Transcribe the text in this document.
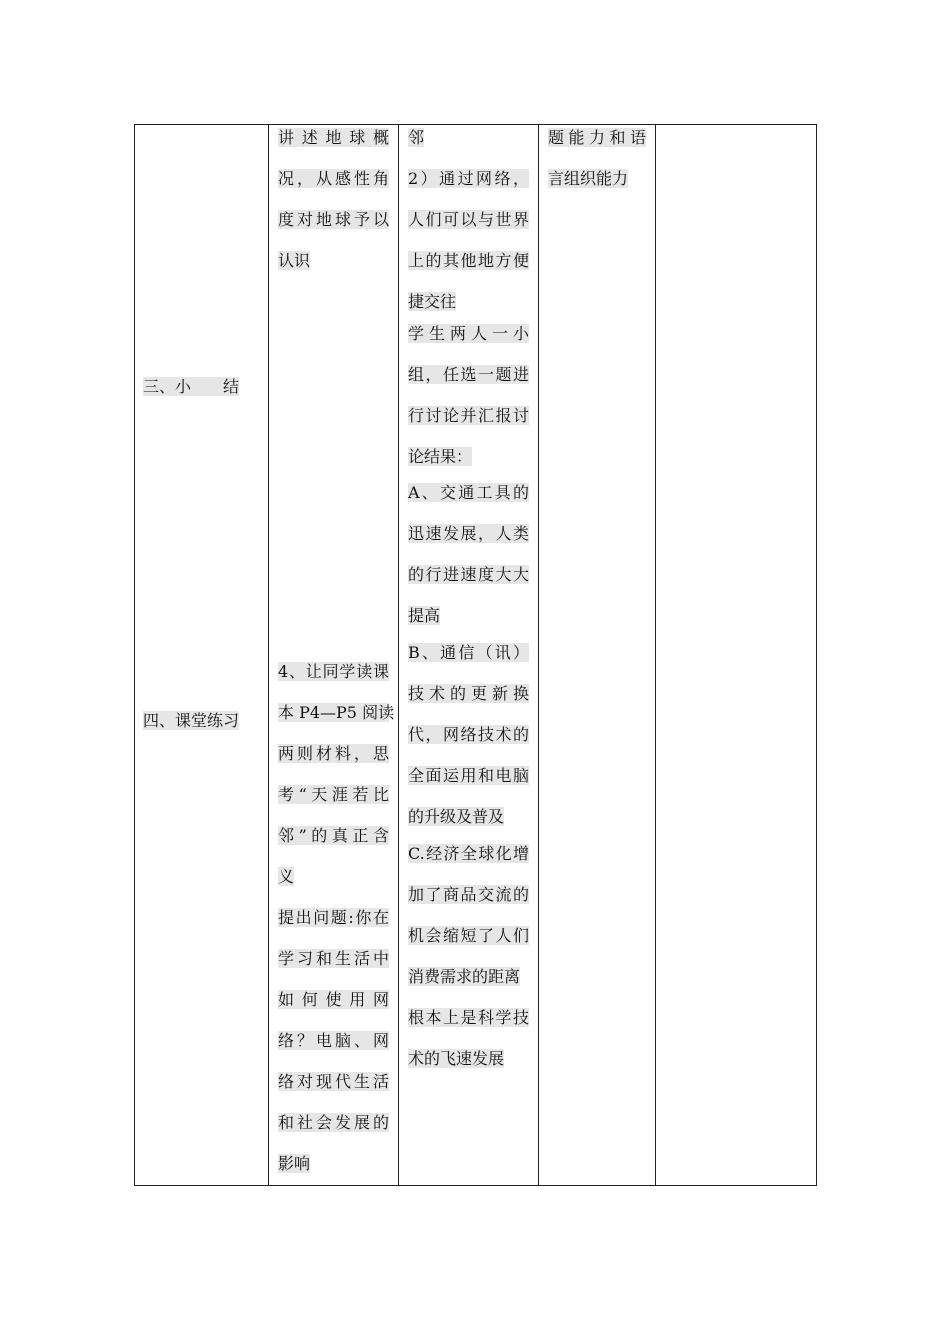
三、小　　结
四、课堂练习
讲述地球概
况，从感性角
度对地球予以
认识
4、让同学读课
本 P4—P5 阅读
两则材料，思
考“天涯若比
邻”的真正含
义
提出问题:你在
学习和生活中
如何使用网
络？电脑、网
络对现代生活
和社会发展的
影响
邻
2）通过网络，
人们可以与世界
上的其他地方便
捷交往
学生两人一小
组，任选一题进
行讨论并汇报讨
论结果：
A、交通工具的
迅速发展，人类
的行进速度大大
提高
B、通信（讯）
技术的更新换
代，网络技术的
全面运用和电脑
的升级及普及
C.经济全球化增
加了商品交流的
机会缩短了人们
消费需求的距离
根本上是科学技
术的飞速发展
题能力和语
言组织能力
